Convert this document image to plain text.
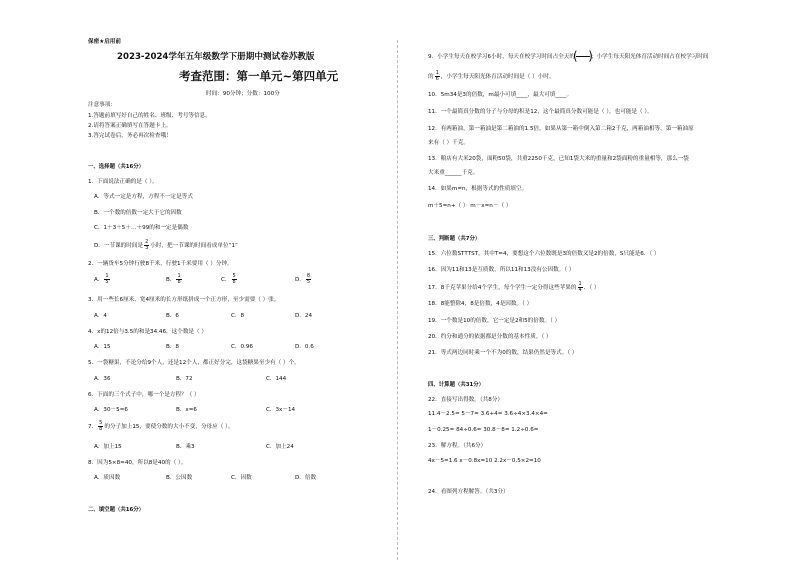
保密★启用前
2023-2024学年五年级数学下册期中测试卷苏教版
考查范围：第一单元~第四单元
时间：90分钟；分数：100分
注意事项：
1.答题前填写好自己的姓名、班级、考号等信息。
2.请将答案正确填写在答题卡上。
3.答完试卷后，务必再次检查哦！
一、选择题（共16分）
1．下面说法正确的是（ ）。
A．等式一定是方程，方程不一定是等式
B．一个数的倍数一定大于它的因数
C．1＋3＋5＋…＋99的和一定是偶数
D．一节课的时间是 $\frac{2}{3}$ 小时，把一节课的时间看成单位“1”
2．一辆货车5分钟行驶8千米，行驶1千米要用（ ）分钟。
A． $\frac{1}{5}$	B． $\frac{1}{8}$	C． $\frac{5}{8}$	D． $\frac{8}{5}$
3．用一些长6厘米、宽4厘米的长方形纸拼成一个正方形，至少需要（ ）张。
A．4	B．6	C．8	D．24
4．x的12倍与3.5的和是34.46，这个数是（ ）
A．15	B．8	C．0.96	D．0.6
5．一袋糖果，不论分给9个人，还是12个人，都正好分完，这袋糖果至少有（ ）个。
A．36	B．72	C．144
6．下面的三个式子中，哪一个是方程？（ ）
A．30－5=6	B．x=6	C．3x－14
7． $\frac{5}{8}$ 的分子加上15，要使分数的大小不变，分母应（ ）。
A．加上15	B．乘3	C．加上24
8．因为5×8=40，所以8是40的（ ）。
A．质因数	B．公因数	C．因数	D．倍数
二、填空题（共16分）
9．小学生每天在校学习6小时，每天在校学习时间占全天的
( )
；小学生每天阳光体育活动时间占在校学习时间
的 $\frac{1}{6}$ ，小学生每天阳光体育活动时间是（ ）小时。
10．5m34是3的倍数，m最小可填____，最大可填____。
11．一个最简真分数的分子与分母的积是12，这个最简真分数可能是（ ），也可能是（ ）。
12．有两箱油，第一箱油是第二箱油的1.5倍，如果从第一箱中倒入第二箱2千克，两箱油相等，第一箱油原
来有（ ）千克。
13．粮店有大米20袋，面粉50袋，共重2250千克，已知1袋大米的重量和2袋面粉的重量相等，那么一袋
大米重______千克。
14．如果m=n，根据等式的性质填空。
m＋5=n+（ ） m－x=n－（ ）
三、判断题（共7分）
15．六位数STTTST，其中T=4，要想这个六位数既是3的倍数又是2的倍数，S只能是6．（ ）
16．因为11和13是互质数，所以11和13没有公因数。（ ）
17．8千克苹果分给4个学生，每个学生一定分得这些苹果的 $\frac{1}{4}$ ．（ ）
18．8能整除4，8是倍数，4是因数。（ ）
19．一个数是10的倍数，它一定是2和5的倍数。（ ）
20．约分和通分的依据都是分数的基本性质。（ ）
21．等式两边同时乘一个不为0的数，结果仍然是等式。（ ）
四、计算题（共31分）
22．直接写出得数。（共8分）
11.4－2.5= 5－7= 3.6+4= 3.6÷4×3.4×4=
1－0.25= 84÷0.6= 30.8－8= 1.2÷0.6=
23．解方程。（共6分）
4x－5=1.6 x－0.8x=10 2.2x－0.5×2=10
24．看图列方程解答。（共3分）
